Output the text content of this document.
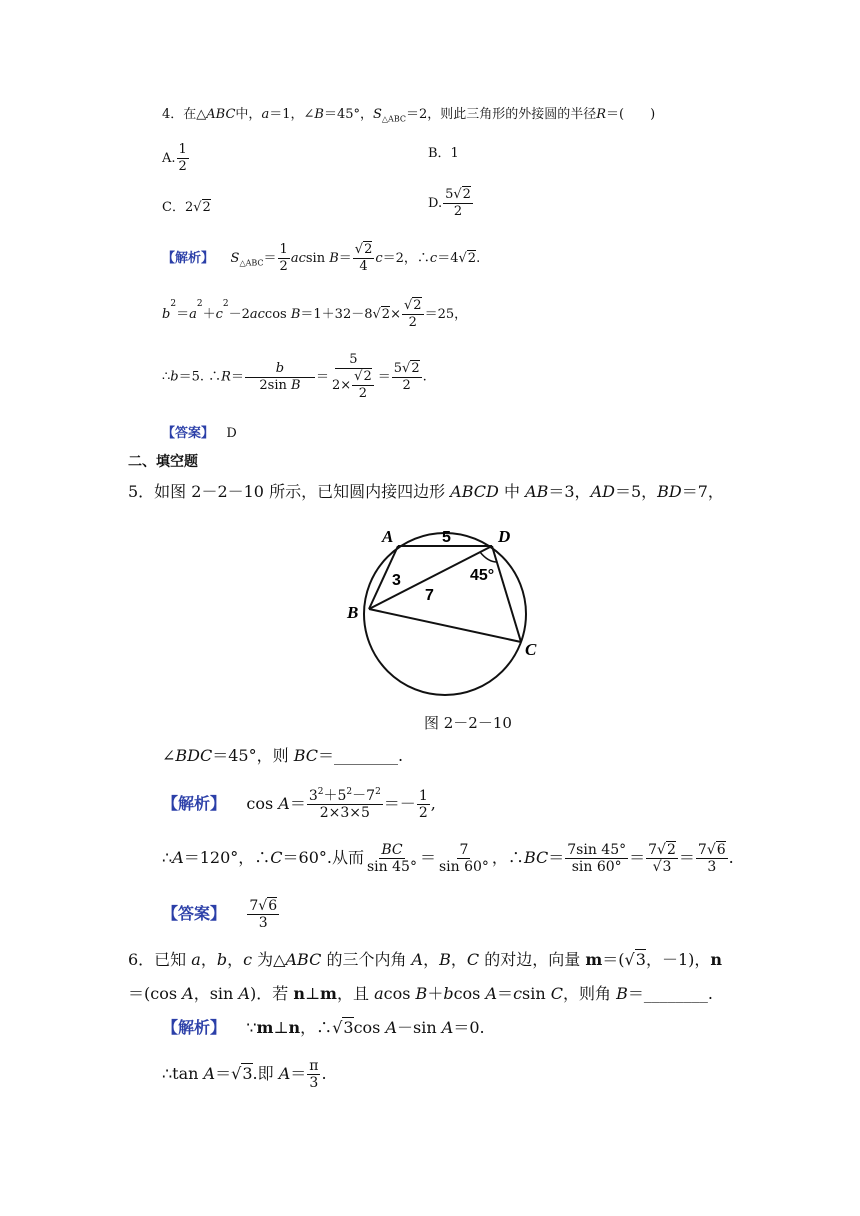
4．在△ABC中，a＝1，∠B＝45°，$S_{\triangle ABC}=2$，则此三角形的外接圆的半径R＝(　　)
A. $\frac{1}{2}$	B．1
C．2√2	D. $\frac{5√2}{2}$
【解析】 $S_{\triangle ABC}= \frac{1}{2}$ acsin $B= \frac{√2}{4} c=2$，∴c＝4√2.
$b^2=a^2+c^2-2accos$ $B=1+32-8√2\times \frac{√2}{2} =25$，
∴b＝5. ∴R＝ $\frac{b}{\text{2sin B}} = \frac{5}{2\times \frac{√2}{2}} = \frac{5√2}{2}$ .
【答案】 D
二、填空题
5．如图 2－2－10 所示，已知圆内接四边形 ABCD 中 AB＝3，AD＝5，BD＝7，
A	D
B
C
5
3
7
45°
图 2－2－10
∠BDC＝45°，则 BC＝________.
【解析】    $\cos A= \frac{3^2+5^2-7^2}{2\times 3\times 5} =- \frac{1}{2}$ ,
∴A＝120°，∴C＝60°.从而 $\frac{BC}{\sin 45^\circ} = \frac{7}{\sin 60^\circ}$ ，∴BC＝ $\frac{7\sin 45^\circ}{\sin 60^\circ} = \frac{7√2}{√3} = \frac{7√6}{3}$ .
【答案】 $\frac{7√6}{3}$
6．已知 a，b，c 为△ABC 的三个内角 A，B，C 的对边，向量 m＝(√3，－1)，n
＝(cos A，sin A)．若 n⊥m，且 acos B＋bcos A＝csin C，则角 B＝________.
【解析】    ∵m⊥n，∴√3cos A－sin A＝0.
∴tan A＝√3.即 $A= \frac{\pi}{3}$ .
